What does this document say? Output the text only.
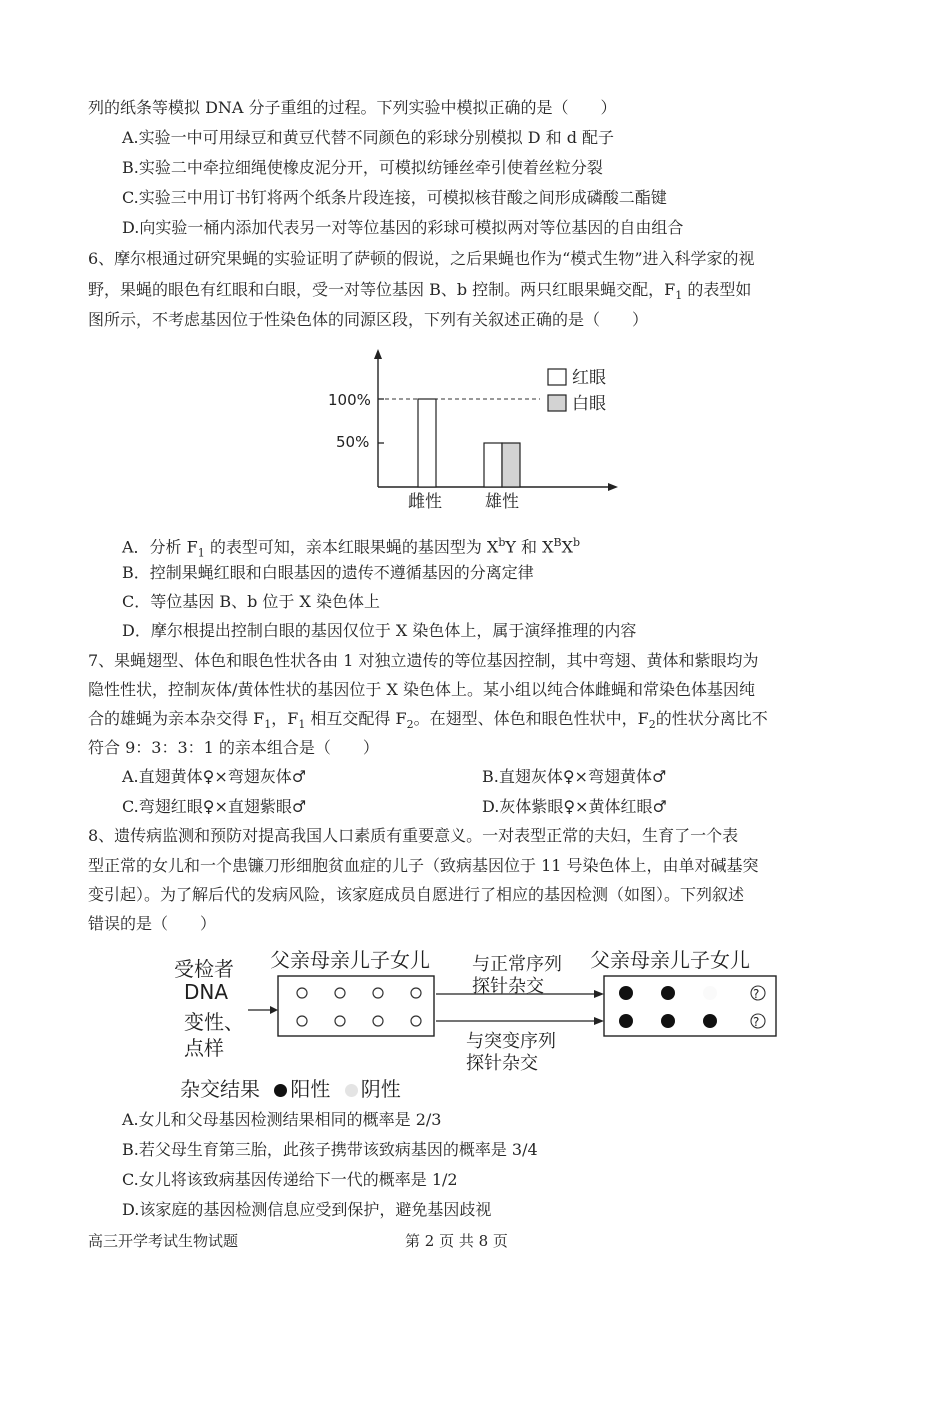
列的纸条等模拟 DNA 分子重组的过程。下列实验中模拟正确的是（　　）
A.实验一中可用绿豆和黄豆代替不同颜色的彩球分别模拟 D 和 d 配子
B.实验二中牵拉细绳使橡皮泥分开，可模拟纺锤丝牵引使着丝粒分裂
C.实验三中用订书钉将两个纸条片段连接，可模拟核苷酸之间形成磷酸二酯键
D.向实验一桶内添加代表另一对等位基因的彩球可模拟两对等位基因的自由组合
6、摩尔根通过研究果蝇的实验证明了萨顿的假说，之后果蝇也作为“模式生物”进入科学家的视
野，果蝇的眼色有红眼和白眼，受一对等位基因 B、b 控制。两只红眼果蝇交配，$F_1$ 的表型如
图所示，不考虑基因位于性染色体的同源区段，下列有关叙述正确的是（　　）
100%
50%
雌性	雄性
红眼
白眼
A．分析 $F_1$ 的表型可知，亲本红眼果蝇的基因型为 $X^bY$ 和 $X^BX^b$
B．控制果蝇红眼和白眼基因的遗传不遵循基因的分离定律
C．等位基因 B、b 位于 X 染色体上
D．摩尔根提出控制白眼的基因仅位于 X 染色体上，属于演绎推理的内容
7、果蝇翅型、体色和眼色性状各由 1 对独立遗传的等位基因控制，其中弯翅、黄体和紫眼均为
隐性性状，控制灰体/黄体性状的基因位于 X 染色体上。某小组以纯合体雌蝇和常染色体基因纯
合的雄蝇为亲本杂交得 $F_1$，$F_1$ 相互交配得 $F_2$。在翅型、体色和眼色性状中，$F_2$的性状分离比不
符合 9：3：3：1 的亲本组合是（　　）
A.直翅黄体♀×弯翅灰体♂	B.直翅灰体♀×弯翅黄体♂
C.弯翅红眼♀×直翅紫眼♂	D.灰体紫眼♀×黄体红眼♂
8、遗传病监测和预防对提高我国人口素质有重要意义。一对表型正常的夫妇，生育了一个表
型正常的女儿和一个患镰刀形细胞贫血症的儿子（致病基因位于 11 号染色体上，由单对碱基突
变引起）。为了解后代的发病风险，该家庭成员自愿进行了相应的基因检测（如图）。下列叙述
错误的是（　　）
受检者
DNA
变性、
点样
父亲母亲儿子女儿	父亲母亲儿子女儿
与正常序列
探针杂交
与突变序列
探针杂交
?
?
杂交结果 阳性 阴性
A.女儿和父母基因检测结果相同的概率是 2/3
B.若父母生育第三胎，此孩子携带该致病基因的概率是 3/4
C.女儿将该致病基因传递给下一代的概率是 1/2
D.该家庭的基因检测信息应受到保护，避免基因歧视
高三开学考试生物试题	第 2 页 共 8 页
